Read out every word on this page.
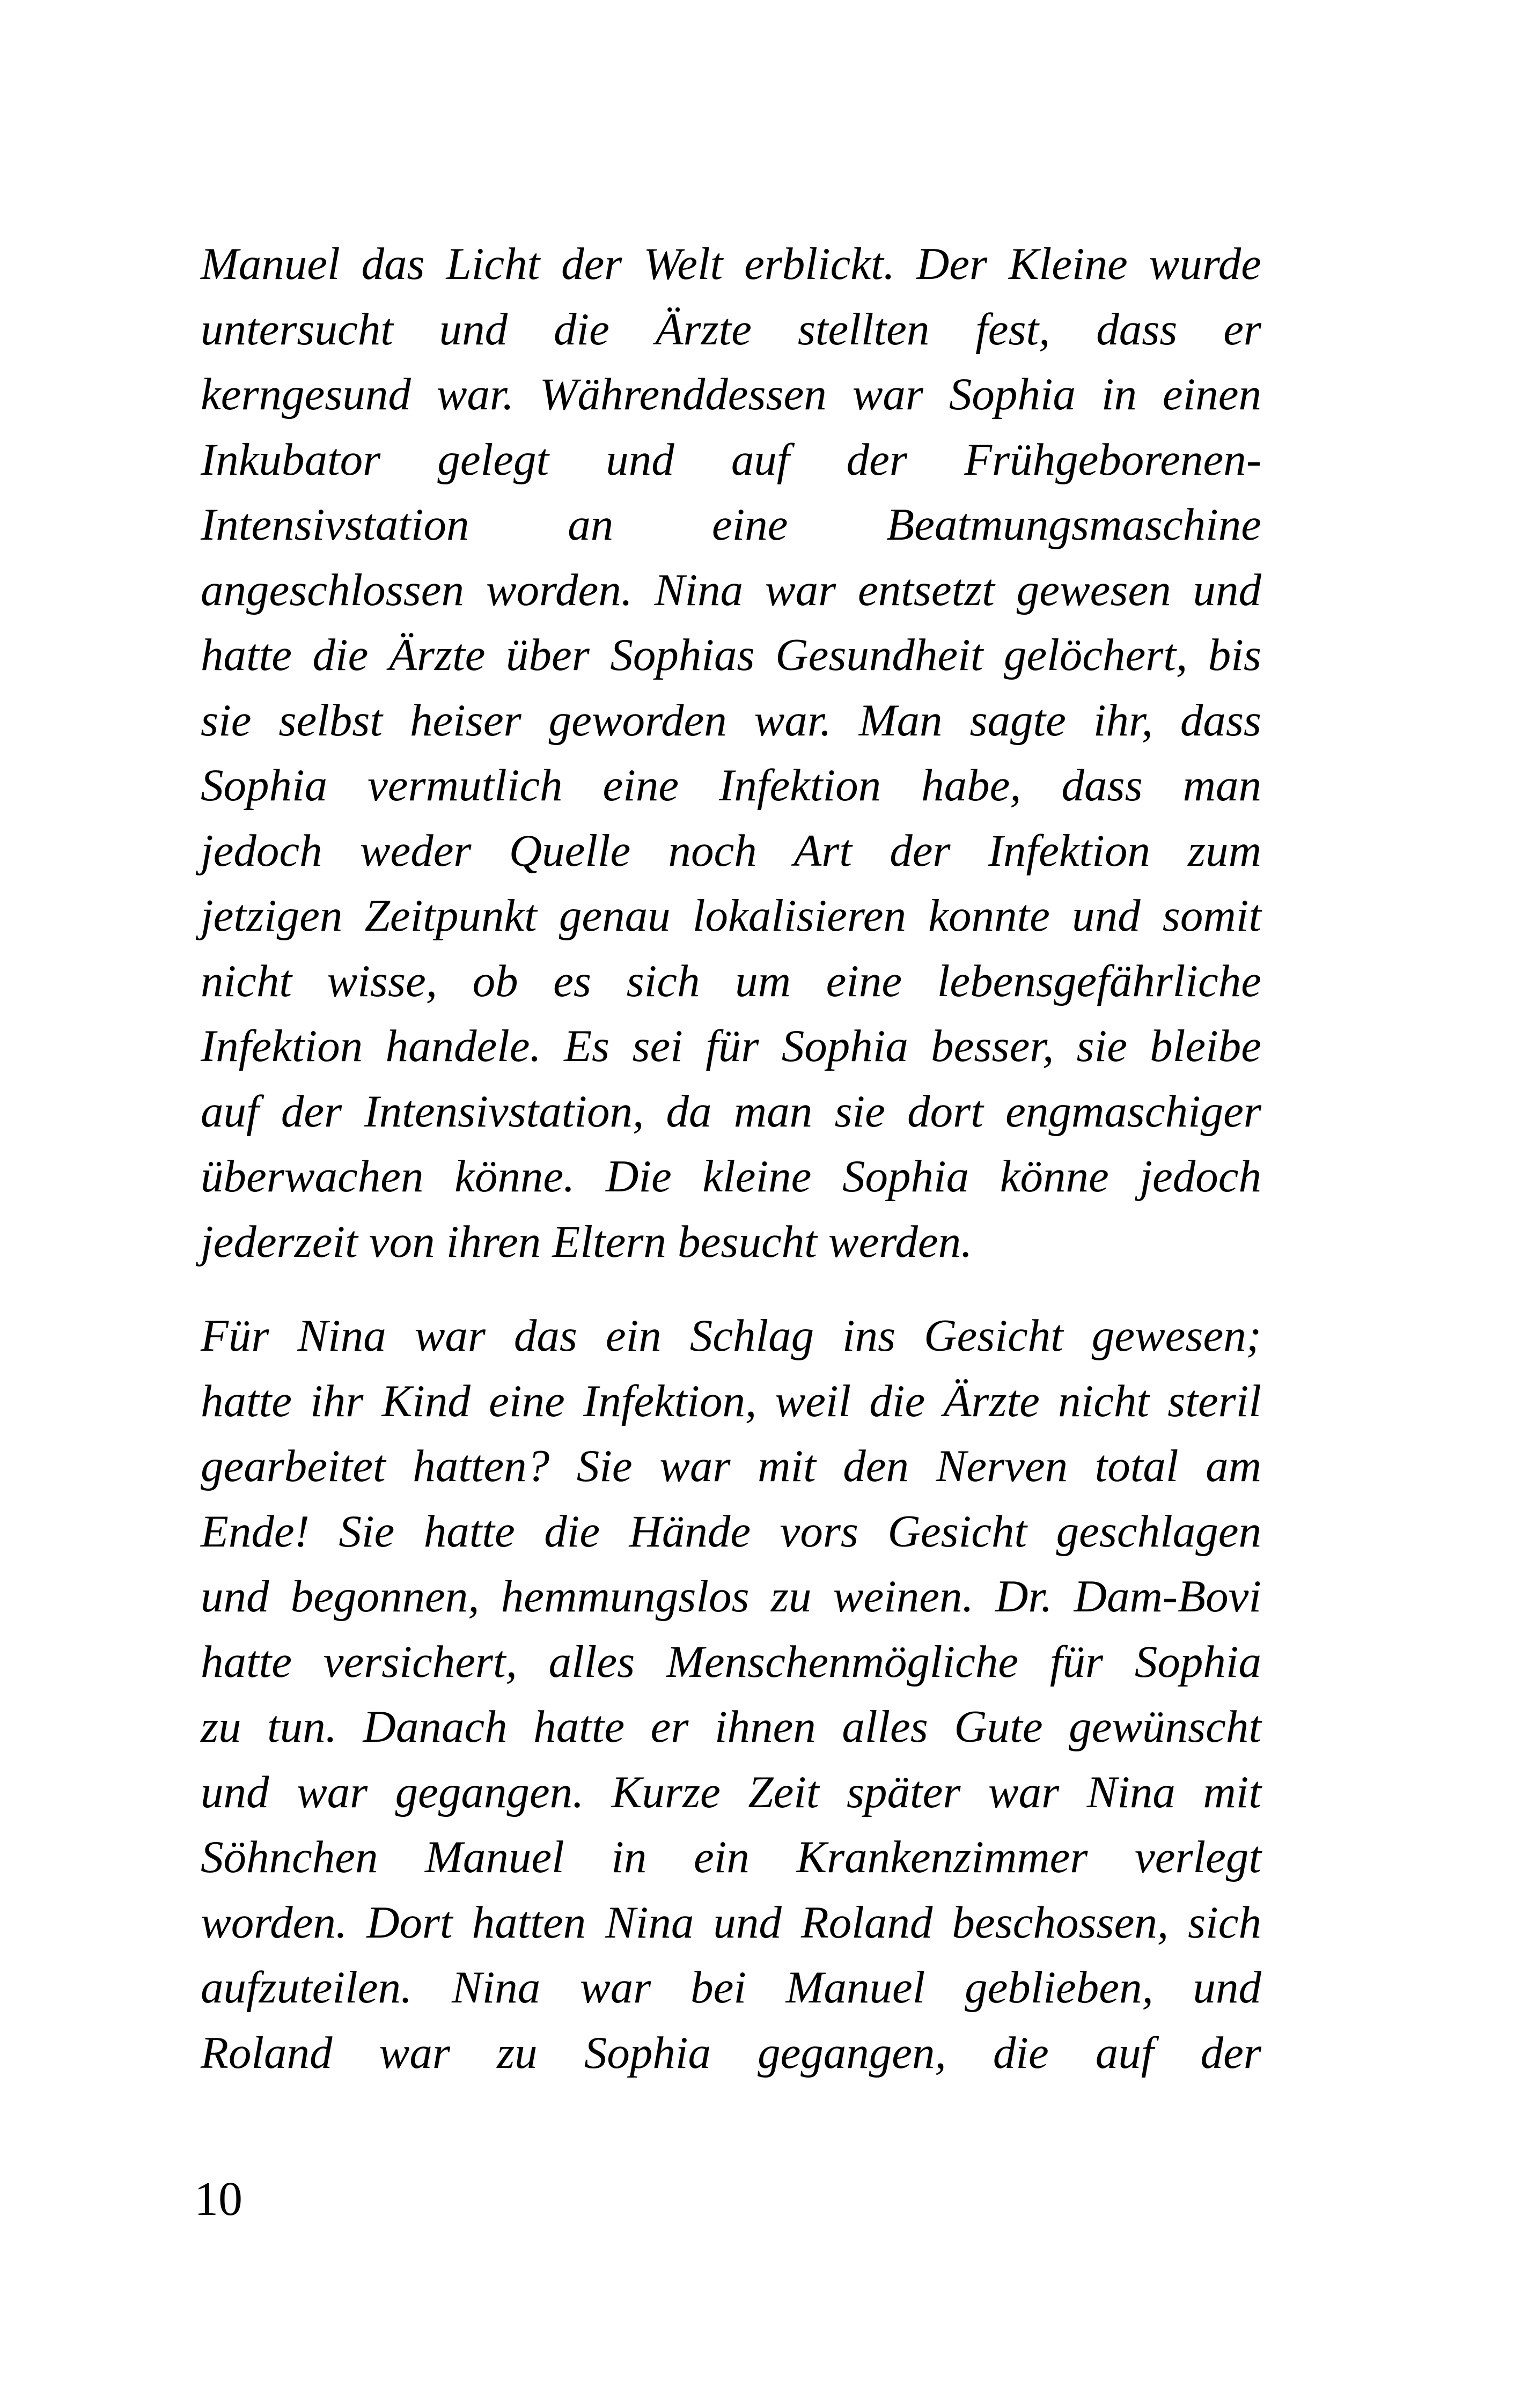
Manuel das Licht der Welt erblickt. Der Kleine wurde
untersucht und die Ärzte stellten fest, dass er
kerngesund war. Währenddessen war Sophia in einen
Inkubator gelegt und auf der Frühgeborenen-
Intensivstation an eine Beatmungsmaschine
angeschlossen worden. Nina war entsetzt gewesen und
hatte die Ärzte über Sophias Gesundheit gelöchert, bis
sie selbst heiser geworden war. Man sagte ihr, dass
Sophia vermutlich eine Infektion habe, dass man
jedoch weder Quelle noch Art der Infektion zum
jetzigen Zeitpunkt genau lokalisieren konnte und somit
nicht wisse, ob es sich um eine lebensgefährliche
Infektion handele. Es sei für Sophia besser, sie bleibe
auf der Intensivstation, da man sie dort engmaschiger
überwachen könne. Die kleine Sophia könne jedoch
jederzeit von ihren Eltern besucht werden.
Für Nina war das ein Schlag ins Gesicht gewesen;
hatte ihr Kind eine Infektion, weil die Ärzte nicht steril
gearbeitet hatten? Sie war mit den Nerven total am
Ende! Sie hatte die Hände vors Gesicht geschlagen
und begonnen, hemmungslos zu weinen. Dr. Dam-Bovi
hatte versichert, alles Menschenmögliche für Sophia
zu tun. Danach hatte er ihnen alles Gute gewünscht
und war gegangen. Kurze Zeit später war Nina mit
Söhnchen Manuel in ein Krankenzimmer verlegt
worden. Dort hatten Nina und Roland beschossen, sich
aufzuteilen. Nina war bei Manuel geblieben, und
Roland war zu Sophia gegangen, die auf der
10
